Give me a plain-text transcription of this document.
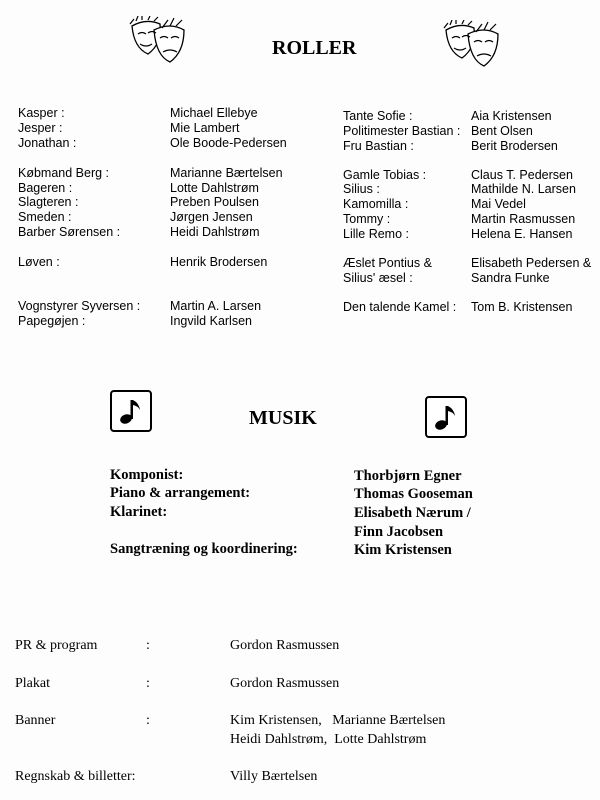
ROLLER
Kasper :	Michael Ellebye
Jesper :	Mie Lambert
Jonathan :	Ole Boode-Pedersen
Købmand Berg :	Marianne Bærtelsen
Bageren :	Lotte Dahlstrøm
Slagteren :	Preben Poulsen
Smeden :	Jørgen Jensen
Barber Sørensen :	Heidi Dahlstrøm
Løven :	Henrik Brodersen
Vognstyrer Syversen : Martin A. Larsen
Papegøjen :	Ingvild Karlsen
Tante Sofie :	Aia Kristensen
Politimester Bastian : Bent Olsen
Fru Bastian :	Berit Brodersen
Gamle Tobias :	Claus T. Pedersen
Silius :	Mathilde N. Larsen
Kamomilla :	Mai Vedel
Tommy :	Martin Rasmussen
Lille Remo :	Helena E. Hansen
Æslet Pontius &	Elisabeth Pedersen &
Silius' æsel :	Sandra Funke
Den talende Kamel : Tom B. Kristensen
MUSIK
Komponist:	Thorbjørn Egner
Piano & arrangement:	Thomas Gooseman
Klarinet:	Elisabeth Nærum /
Finn Jacobsen
Sangtræning og koordinering:	Kim Kristensen
PR & program	:	Gordon Rasmussen
Plakat	:	Gordon Rasmussen
Banner	:	Kim Kristensen,   Marianne Bærtelsen
Heidi Dahlstrøm,  Lotte Dahlstrøm
Regnskab & billetter:	Villy Bærtelsen
